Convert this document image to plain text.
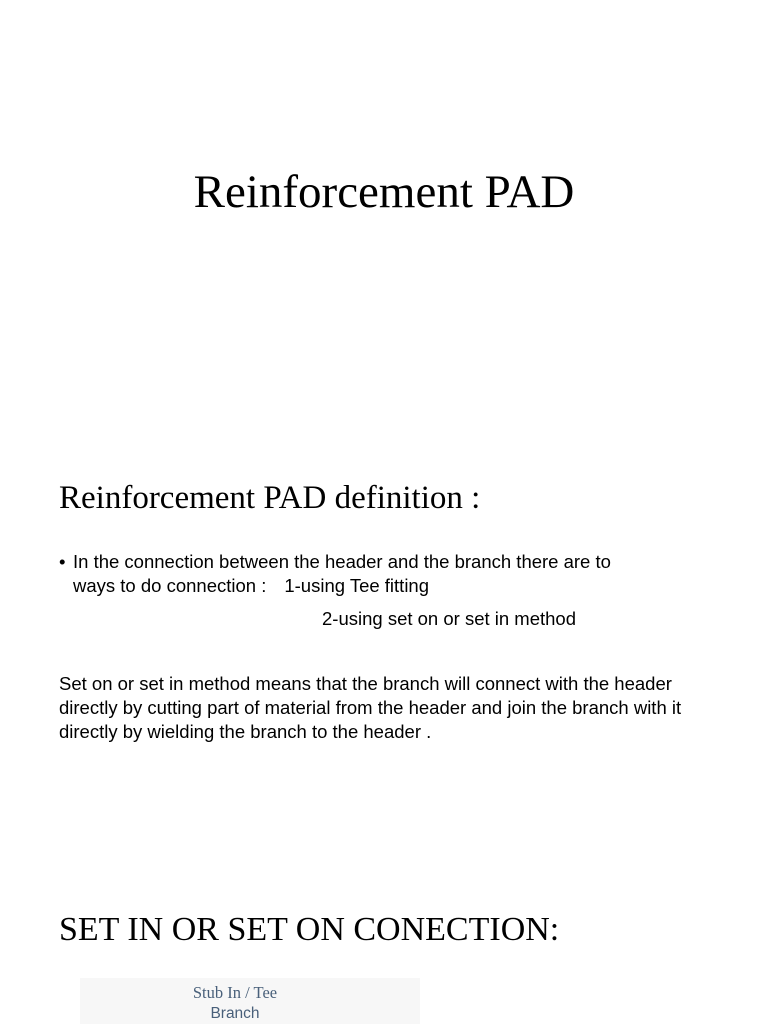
Reinforcement PAD
Reinforcement PAD definition :
• In the connection between the header and the branch there are to
ways to do connection : 1-using Tee fitting
2-using set on or set in method

Set on or set in method means that the branch will connect with the header directly by cutting part of material from the header and join the branch with it directly by wielding the branch to the header .

SET IN OR SET ON CONECTION:
Stub In / Tee
Branch
